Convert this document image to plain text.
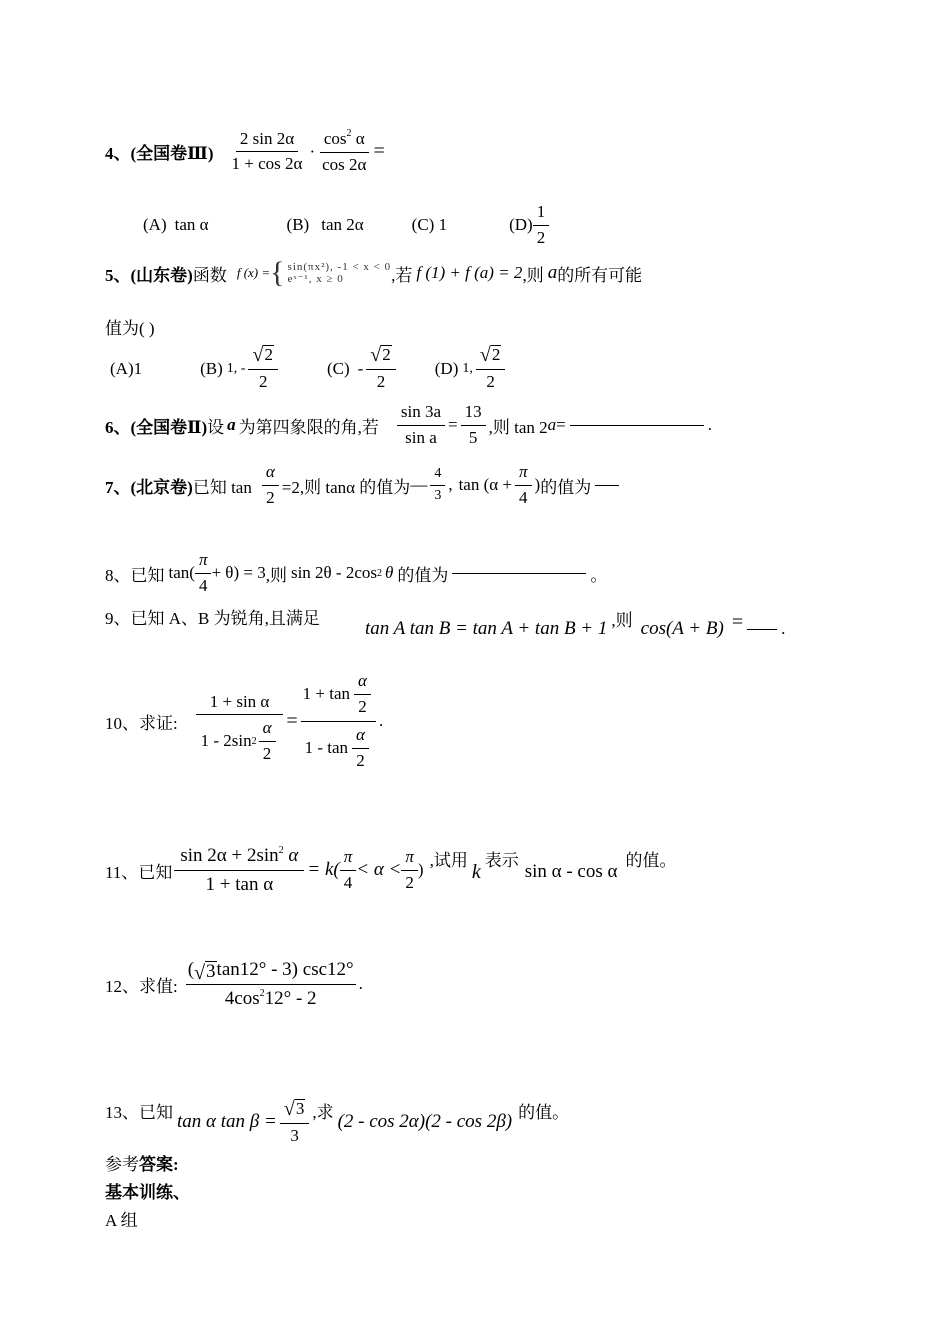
4、(全国卷Ⅲ) $\frac{2 \sin 2\alpha}{1 + \cos 2\alpha} \cdot \frac{\cos^2 \alpha}{\cos 2\alpha}$ =
(A) tan α	(B) tan 2α	(C) 1	$(D) \frac{1}{2}$
5、(山东卷) 函数 f (x) = { sin(πx²), -1 < x < 0
eˣ⁻¹, x ≥ 0	,若 f (1) + f (a) = 2 ,则 a 的所有可能
值为( )
(A)1	(B) 1, - $\frac{√ 2}{2}$	$(C) - \frac{√ 2}{2} (D)$ 1, $\frac{√ 2}{2}$
6、(全国卷Ⅱ) 设 a 为第四象限的角,若 $\frac{\sin 3a}{\text{sin a}} = \frac{13}{5}$ ,则 tan 2 a =	.
7、(北京卷) 已知 $\tan \frac{\alpha}{2} =2$,则 tanα 的值为 — $\frac{4}{3}$ , $\tan (\alpha + \frac{\pi}{4}$ ) 的值为
8、已知 $\tan( \frac{\pi}{4} + \theta) = 3$ ,则 sin 2θ - 2cos 2 θ 的值为	。
9、已知 A、B 为锐角,且满足 tan A tan B = tan A + tan B + 1 ,则 cos(A + B) = .
10、求证: $\frac{\text{1 + sin α}}{1 - 2\sin 2 \frac{\alpha}{2}} = \frac{1 + \tan \frac{\alpha}{2}}{1 - \tan \frac{\alpha}{2}}$ .
11、已知 $\frac{\sin 2\alpha + 2\sin^2 \alpha}{\text{1 + tan α}} = k( \frac{\pi}{4} < \alpha < \frac{\pi}{2}$ ) ,试用
k
表示
sin α - cos α
的值。
12、求值: $\frac{( √ 3 \tan 12^\circ - 3) \csc 12^\circ}{4\cos^212^\circ - 2}$ .
13、已知 tan α $\tan \beta = \frac{√ 3}{3}$ ,求 (2 - cos 2α)(2 - cos 2β) 的值。
参考 答案:
基本训练、
A 组
